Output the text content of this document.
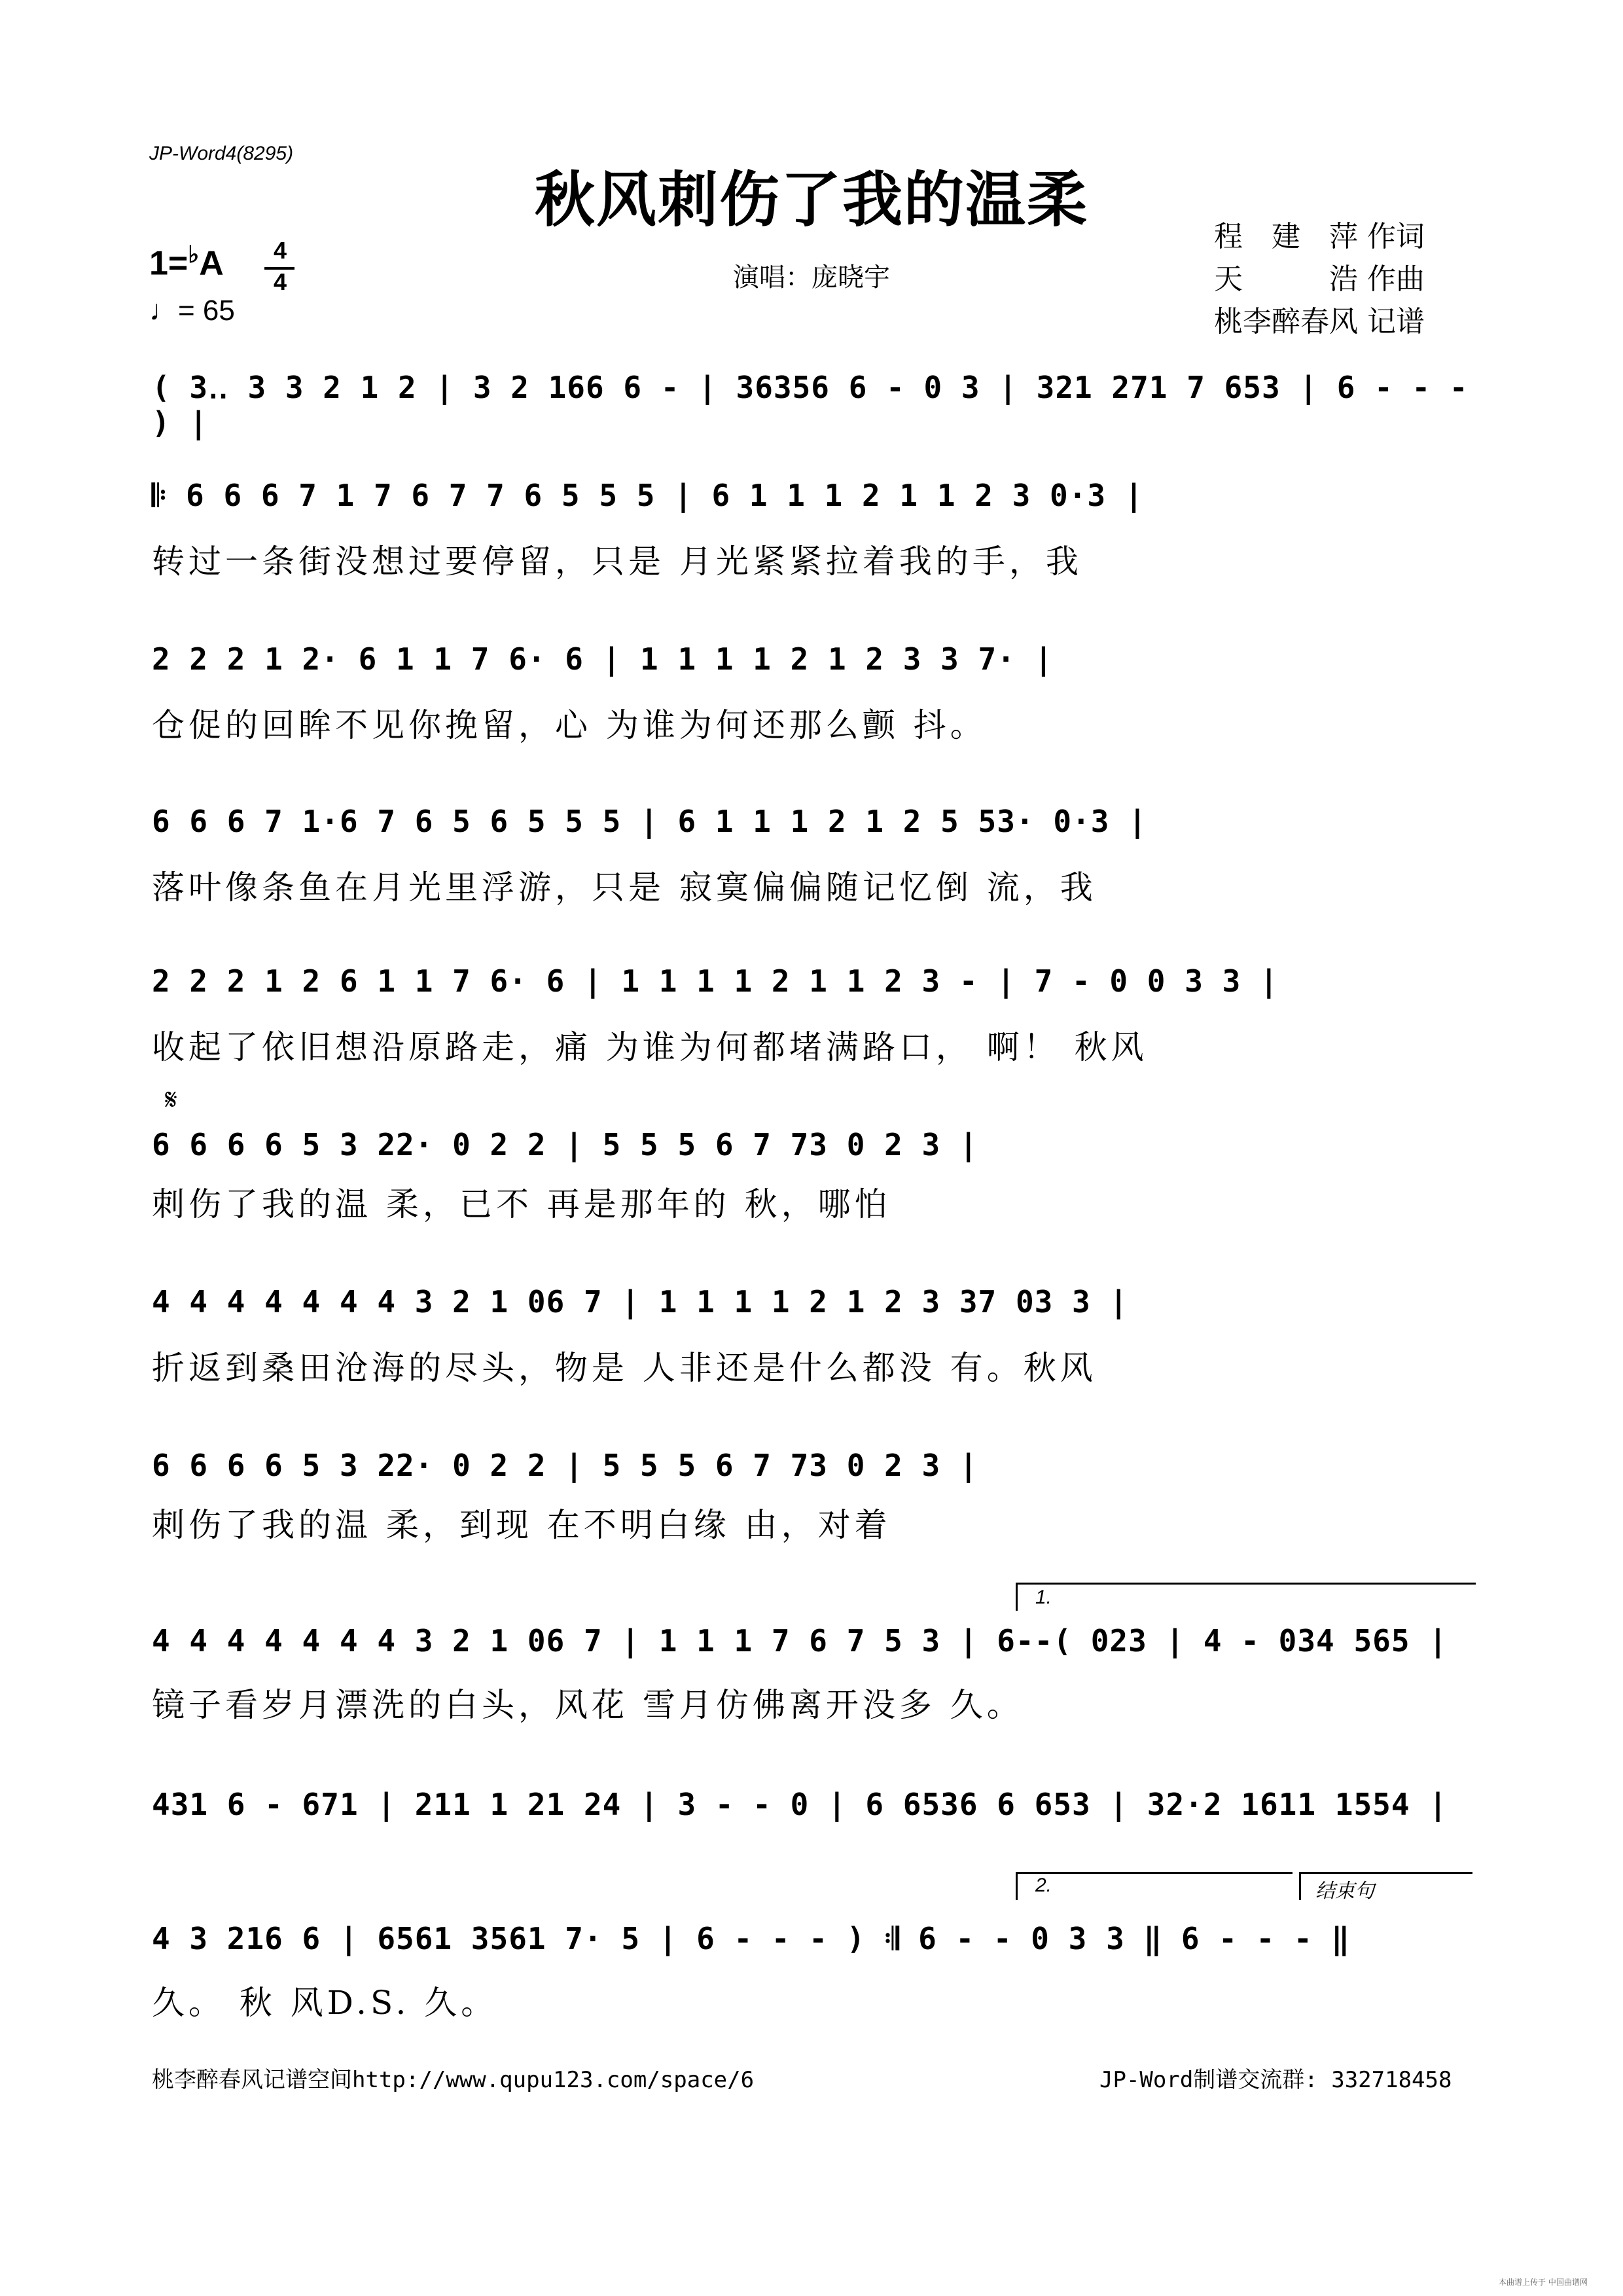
JP-Word4(8295)
秋风刺伤了我的温柔
程　建　萍 作词
天　　　浩 作曲
桃李醉春风 记谱
1=♭A 4
4
♩= 65
演唱：庞晓宇
( 3‥ 3 3 2 1 2 | 3 2 166 6 - | 36356 6 - 0 3 | 321 271 7 653 | 6 - - - ) |
𝄆 6 6 6 7 1 7 6 7 7 6 5 5 5 | 6 1 1 1 2 1 1 2 3 0·3 |
转过一条街没想过要停留，只是 月光紧紧拉着我的手，我
2 2 2 1 2· 6 1 1 7 6· 6 | 1 1 1 1 2 1 2 3 3 7· |
仓促的回眸不见你挽留，心 为谁为何还那么颤 抖。
6 6 6 7 1·6 7 6 5 6 5 5 5 | 6 1 1 1 2 1 2 5 53· 0·3 |
落叶像条鱼在月光里浮游，只是 寂寞偏偏随记忆倒 流，我
2 2 2 1 2 6 1 1 7 6· 6 | 1 1 1 1 2 1 1 2 3 - | 7 - 0 0 3 3 |
收起了依旧想沿原路走，痛 为谁为何都堵满路口， 啊！ 秋风
𝄋
6 6 6 6 5 3 22· 0 2 2 | 5 5 5 6 7 73 0 2 3 |
刺伤了我的温 柔，已不 再是那年的 秋，哪怕
4 4 4 4 4 4 4 3 2 1 06 7 | 1 1 1 1 2 1 2 3 37 03 3 |
折返到桑田沧海的尽头，物是 人非还是什么都没 有。秋风
6 6 6 6 5 3 22· 0 2 2 | 5 5 5 6 7 73 0 2 3 |
刺伤了我的温 柔，到现 在不明白缘 由，对着
1.
4 4 4 4 4 4 4 3 2 1 06 7 | 1 1 1 7 6 7 5 3 | 6--( 023 | 4 - 034 565 |
镜子看岁月漂洗的白头，风花 雪月仿佛离开没多 久。
431 6 - 671 | 211 1 21 24 | 3 - - 0 | 6 6536 6 653 | 32·2 1611 1554 |
2.	结束句
4 3 216 6 | 6561 3561 7· 5 | 6 - - - ) 𝄇 6 - - 0 3 3 ‖ 6 - - - ‖
久。 秋 风D.S. 久。
桃李醉春风记谱空间http://www.qupu123.com/space/6	JP-Word制谱交流群: 332718458
本曲谱上传于 中国曲谱网
